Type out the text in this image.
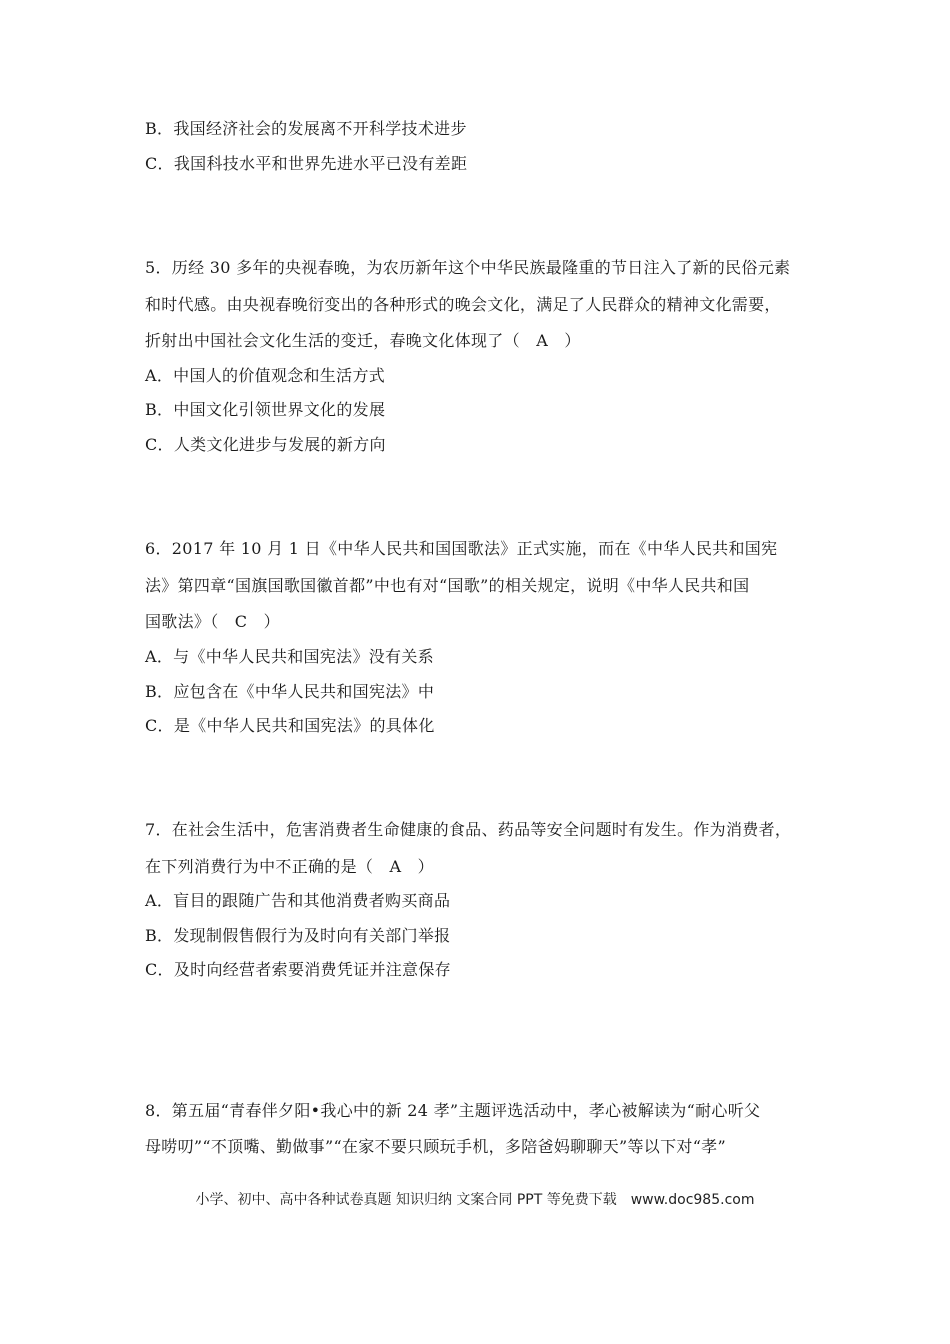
B．我国经济社会的发展离不开科学技术进步
C．我国科技水平和世界先进水平已没有差距
5．历经 30 多年的央视春晚，为农历新年这个中华民族最隆重的节日注入了新的民俗元素
和时代感。由央视春晚衍变出的各种形式的晚会文化，满足了人民群众的精神文化需要，
折射出中国社会文化生活的变迁，春晚文化体现了（　A　）
A．中国人的价值观念和生活方式
B．中国文化引领世界文化的发展
C．人类文化进步与发展的新方向
6．2017 年 10 月 1 日《中华人民共和国国歌法》正式实施，而在《中华人民共和国宪
法》第四章“国旗国歌国徽首都”中也有对“国歌”的相关规定，说明《中华人民共和国
国歌法》（　C　）
A．与《中华人民共和国宪法》没有关系
B．应包含在《中华人民共和国宪法》中
C．是《中华人民共和国宪法》的具体化
7．在社会生活中，危害消费者生命健康的食品、药品等安全问题时有发生。作为消费者，
在下列消费行为中不正确的是（　A　）
A．盲目的跟随广告和其他消费者购买商品
B．发现制假售假行为及时向有关部门举报
C．及时向经营者索要消费凭证并注意保存
8．第五届“青春伴夕阳•我心中的新 24 孝”主题评选活动中，孝心被解读为“耐心听父
母唠叨”“不顶嘴、勤做事”“在家不要只顾玩手机，多陪爸妈聊聊天”等以下对“孝”
小学、初中、高中各种试卷真题 知识归纳 文案合同 PPT 等免费下载　www.doc985.com
